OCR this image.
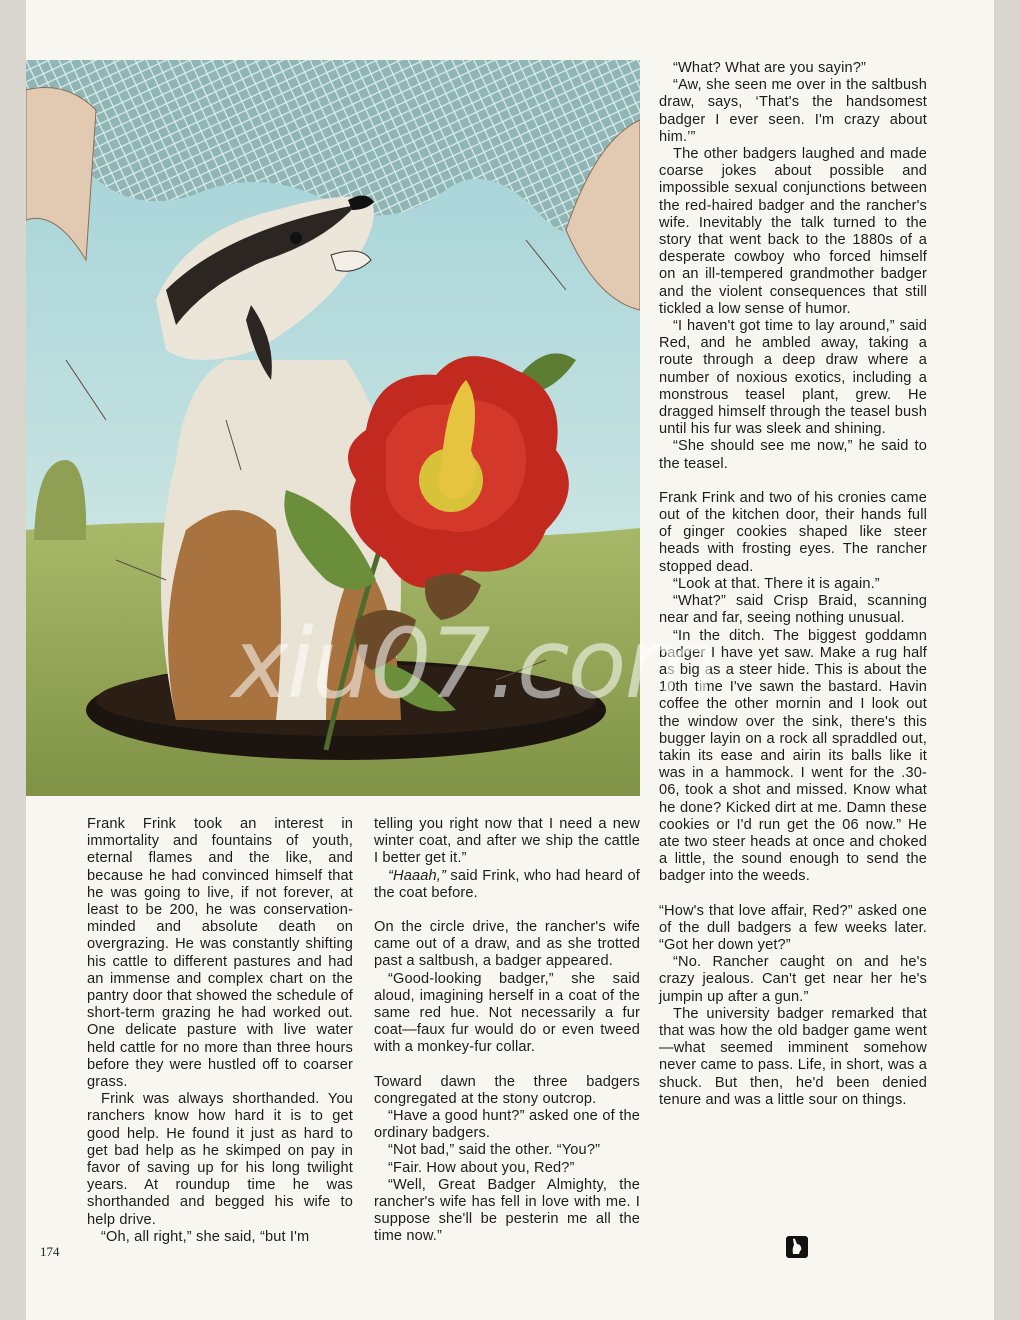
Frank Frink took an interest in immortality and fountains of youth, eternal flames and the like, and because he had convinced himself that he was going to live, if not forever, at least to be 200, he was conservation-minded and absolute death on overgrazing. He was constantly shifting his cattle to different pastures and had an immense and complex chart on the pantry door that showed the schedule of short-term grazing he had worked out. One delicate pasture with live water held cattle for no more than three hours before they were hustled off to coarser grass.

Frink was always shorthanded. You ranchers know how hard it is to get good help. He found it just as hard to get bad help as he skimped on pay in favor of saving up for his long twilight years. At roundup time he was shorthanded and begged his wife to help drive.

“Oh, all right,” she said, “but I'm

telling you right now that I need a new winter coat, and after we ship the cattle I better get it.”

“Haaah,” said Frink, who had heard of the coat before.

On the circle drive, the rancher's wife came out of a draw, and as she trotted past a saltbush, a badger appeared.

“Good-looking badger,” she said aloud, imagining herself in a coat of the same red hue. Not necessarily a fur coat—faux fur would do or even tweed with a monkey-fur collar.

Toward dawn the three badgers congregated at the stony outcrop.

“Have a good hunt?” asked one of the ordinary badgers.

“Not bad,” said the other. “You?”

“Fair. How about you, Red?”

“Well, Great Badger Almighty, the rancher's wife has fell in love with me. I suppose she'll be pesterin me all the time now.”

“What? What are you sayin?”

“Aw, she seen me over in the saltbush draw, says, ‘That's the handsomest badger I ever seen. I'm crazy about him.’”

The other badgers laughed and made coarse jokes about possible and impossible sexual conjunctions between the red-haired badger and the rancher's wife. Inevitably the talk turned to the story that went back to the 1880s of a desperate cowboy who forced himself on an ill-tempered grandmother badger and the violent consequences that still tickled a low sense of humor.

“I haven't got time to lay around,” said Red, and he ambled away, taking a route through a deep draw where a number of noxious exotics, including a monstrous teasel plant, grew. He dragged himself through the teasel bush until his fur was sleek and shining.

“She should see me now,” he said to the teasel.

Frank Frink and two of his cronies came out of the kitchen door, their hands full of ginger cookies shaped like steer heads with frosting eyes. The rancher stopped dead.

“Look at that. There it is again.”

“What?” said Crisp Braid, scanning near and far, seeing nothing unusual.

“In the ditch. The biggest goddamn badger I have yet saw. Make a rug half as big as a steer hide. This is about the 10th time I've sawn the bastard. Havin coffee the other mornin and I look out the window over the sink, there's this bugger layin on a rock all spraddled out, takin its ease and airin its balls like it was in a hammock. I went for the .30-06, took a shot and missed. Know what he done? Kicked dirt at me. Damn these cookies or I'd run get the 06 now.” He ate two steer heads at once and choked a little, the sound enough to send the badger into the weeds.

“How's that love affair, Red?” asked one of the dull badgers a few weeks later. “Got her down yet?”

“No. Rancher caught on and he's crazy jealous. Can't get near her he's jumpin up after a gun.”

The university badger remarked that that was how the old badger game went—what seemed imminent somehow never came to pass. Life, in short, was a shuck. But then, he'd been denied tenure and was a little sour on things.

174
xiu07.com
